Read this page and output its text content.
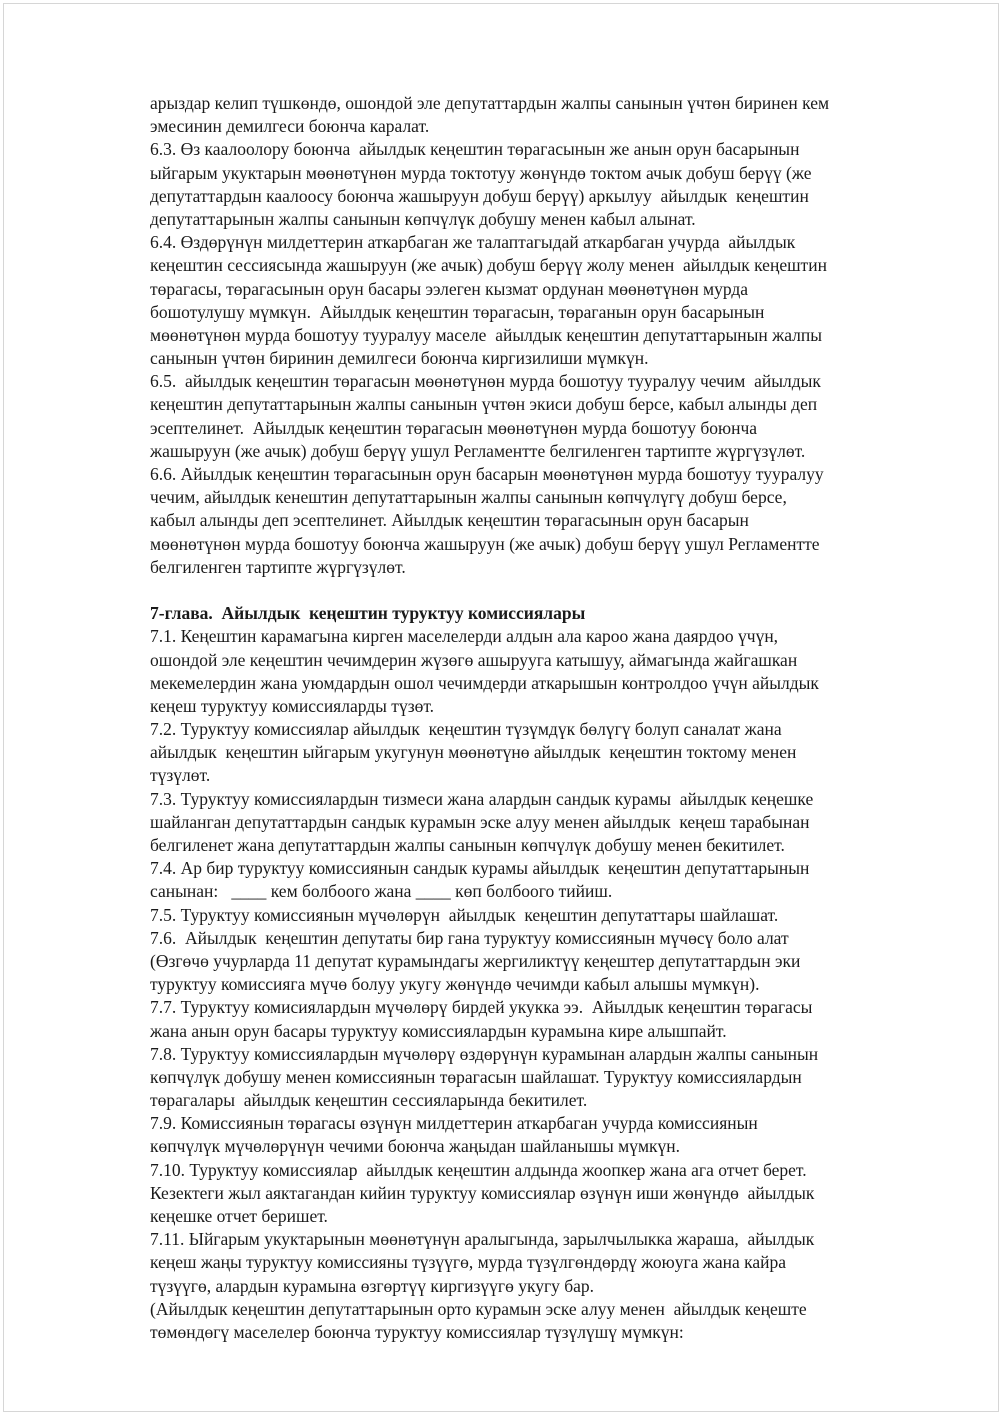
арыздар келип түшкөндө, ошондой эле депутаттардын жалпы санынын үчтөн биринен кем
эмесинин демилгеси боюнча каралат.
6.3. Өз каалоолору боюнча  айылдык кеңештин төрагасынын же анын орун басарынын
ыйгарым укуктарын мөөнөтүнөн мурда токтотуу жөнүндө токтом ачык добуш берүү (же
депутаттардын каалоосу боюнча жашыруун добуш берүү) аркылуу  айылдык  кеңештин
депутаттарынын жалпы санынын көпчүлүк добушу менен кабыл алынат.
6.4. Өздөрүнүн милдеттерин аткарбаган же талаптагыдай аткарбаган учурда  айылдык
кеңештин сессиясында жашыруун (же ачык) добуш берүү жолу менен  айылдык кеңештин
төрагасы, төрагасынын орун басары ээлеген кызмат ордунан мөөнөтүнөн мурда
бошотулушу мүмкүн.  Айылдык кеңештин төрагасын, төраганын орун басарынын
мөөнөтүнөн мурда бошотуу тууралуу маселе  айылдык кеңештин депутаттарынын жалпы
санынын үчтөн биринин демилгеси боюнча киргизилиши мүмкүн.
6.5.  айылдык кеңештин төрагасын мөөнөтүнөн мурда бошотуу тууралуу чечим  айылдык
кеңештин депутаттарынын жалпы санынын үчтөн экиси добуш берсе, кабыл алынды деп
эсептелинет.  Айылдык кеңештин төрагасын мөөнөтүнөн мурда бошотуу боюнча
жашыруун (же ачык) добуш берүү ушул Регламентте белгиленген тартипте жүргүзүлөт.
6.6. Айылдык кеңештин төрагасынын орун басарын мөөнөтүнөн мурда бошотуу тууралуу
чечим, айылдык кенештин депутаттарынын жалпы санынын көпчүлүгү добуш берсе,
кабыл алынды деп эсептелинет. Айылдык кеңештин төрагасынын орун басарын
мөөнөтүнөн мурда бошотуу боюнча жашыруун (же ачык) добуш берүү ушул Регламентте
белгиленген тартипте жүргүзүлөт.
7-глава.  Айылдык  кеңештин туруктуу комиссиялары
7.1. Кеңештин карамагына кирген маселелерди алдын ала кароо жана даярдоо үчүн,
ошондой эле кеңештин чечимдерин жүзөгө ашырууга катышуу, аймагында жайгашкан
мекемелердин жана уюмдардын ошол чечимдерди аткарышын контролдоо үчүн айылдык
кеңеш туруктуу комиссияларды түзөт.
7.2. Туруктуу комиссиялар айылдык  кеңештин түзүмдүк бөлүгү болуп саналат жана
айылдык  кеңештин ыйгарым укугунун мөөнөтүнө айылдык  кеңештин токтому менен
түзүлөт.
7.3. Туруктуу комиссиялардын тизмеси жана алардын сандык курамы  айылдык кеңешке
шайланган депутаттардын сандык курамын эске алуу менен айылдык  кеңеш тарабынан
белгиленет жана депутаттардын жалпы санынын көпчүлүк добушу менен бекитилет.
7.4. Ар бир туруктуу комиссиянын сандык курамы айылдык  кеңештин депутаттарынын
санынан:   ____ кем болбоого жана ____ көп болбоого тийиш.
7.5. Туруктуу комиссиянын мүчөлөрүн  айылдык  кеңештин депутаттары шайлашат.
7.6.  Айылдык  кеңештин депутаты бир гана туруктуу комиссиянын мүчөсү боло алат
(Өзгөчө учурларда 11 депутат курамындагы жергиликтүү кеңештер депутаттардын эки
туруктуу комиссияга мүчө болуу укугу жөнүндө чечимди кабыл алышы мүмкүн).
7.7. Туруктуу комисиялардын мүчөлөрү бирдей укукка ээ.  Айылдык кеңештин төрагасы
жана анын орун басары туруктуу комиссиялардын курамына кире алышпайт.
7.8. Туруктуу комиссиялардын мүчөлөрү өздөрүнүн курамынан алардын жалпы санынын
көпчүлүк добушу менен комиссиянын төрагасын шайлашат. Туруктуу комиссиялардын
төрагалары  айылдык кеңештин сессияларында бекитилет.
7.9. Комиссиянын төрагасы өзүнүн милдеттерин аткарбаган учурда комиссиянын
көпчүлүк мүчөлөрүнүн чечими боюнча жаңыдан шайланышы мүмкүн.
7.10. Туруктуу комиссиялар  айылдык кеңештин алдында жоопкер жана ага отчет берет.
Кезектеги жыл аяктагандан кийин туруктуу комиссиялар өзүнүн иши жөнүндө  айылдык
кеңешке отчет беришет.
7.11. Ыйгарым укуктарынын мөөнөтүнүн аралыгында, зарылчылыкка жараша,  айылдык
кеңеш жаңы туруктуу комиссияны түзүүгө, мурда түзүлгөндөрдү жоюуга жана кайра
түзүүгө, алардын курамына өзгөртүү киргизүүгө укугу бар.
(Айылдык кеңештин депутаттарынын орто курамын эске алуу менен  айылдык кеңеште
төмөндөгү маселелер боюнча туруктуу комиссиялар түзүлүшү мүмкүн:
